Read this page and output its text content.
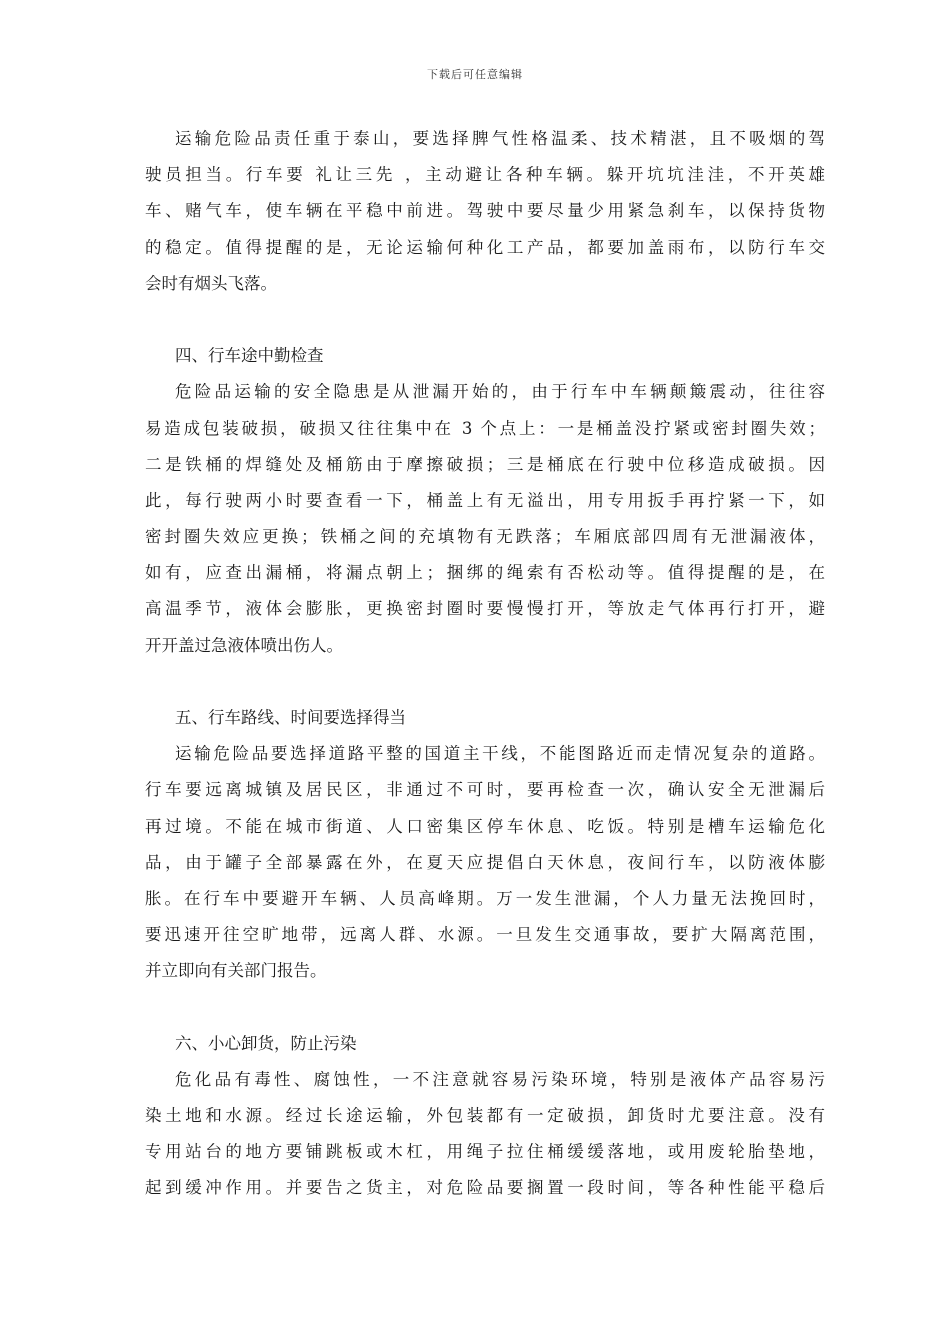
下载后可任意编辑
运输危险品责任重于泰山，要选择脾气性格温柔、技术精湛，且不吸烟的驾
驶员担当。行车要 礼让三先 ，主动避让各种车辆。躲开坑坑洼洼，不开英雄
车、赌气车，使车辆在平稳中前进。驾驶中要尽量少用紧急刹车，以保持货物
的稳定。值得提醒的是，无论运输何种化工产品，都要加盖雨布，以防行车交
会时有烟头飞落。
四、行车途中勤检查
危险品运输的安全隐患是从泄漏开始的，由于行车中车辆颠簸震动，往往容
易造成包装破损，破损又往往集中在 3 个点上：一是桶盖没拧紧或密封圈失效；
二是铁桶的焊缝处及桶筋由于摩擦破损；三是桶底在行驶中位移造成破损。因
此，每行驶两小时要查看一下，桶盖上有无溢出，用专用扳手再拧紧一下，如
密封圈失效应更换；铁桶之间的充填物有无跌落；车厢底部四周有无泄漏液体，
如有，应查出漏桶，将漏点朝上；捆绑的绳索有否松动等。值得提醒的是，在
高温季节，液体会膨胀，更换密封圈时要慢慢打开，等放走气体再行打开，避
开开盖过急液体喷出伤人。
五、行车路线、时间要选择得当
运输危险品要选择道路平整的国道主干线，不能图路近而走情况复杂的道路。
行车要远离城镇及居民区，非通过不可时，要再检查一次，确认安全无泄漏后
再过境。不能在城市街道、人口密集区停车休息、吃饭。特别是槽车运输危化
品，由于罐子全部暴露在外，在夏天应提倡白天休息，夜间行车，以防液体膨
胀。在行车中要避开车辆、人员高峰期。万一发生泄漏，个人力量无法挽回时，
要迅速开往空旷地带，远离人群、水源。一旦发生交通事故，要扩大隔离范围，
并立即向有关部门报告。
六、小心卸货，防止污染
危化品有毒性、腐蚀性，一不注意就容易污染环境，特别是液体产品容易污
染土地和水源。经过长途运输，外包装都有一定破损，卸货时尤要注意。没有
专用站台的地方要铺跳板或木杠，用绳子拉住桶缓缓落地，或用废轮胎垫地，
起到缓冲作用。并要告之货主，对危险品要搁置一段时间，等各种性能平稳后
